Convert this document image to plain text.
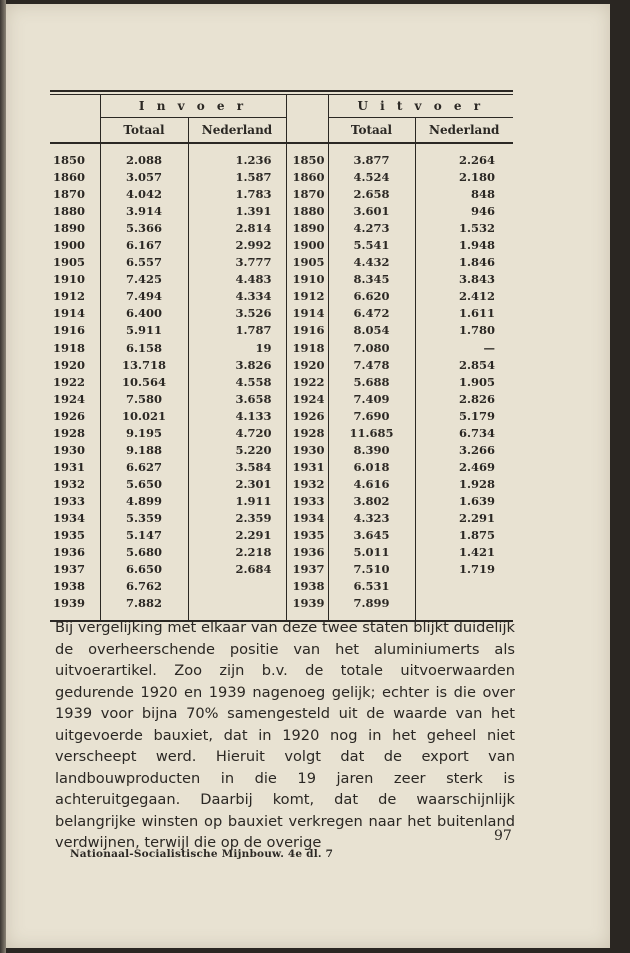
	I n v o e r			U i t v o e r	
	Totaal	Nederland		Totaal	Nederland
1850	2.088	1.236	1850	3.877	2.264
1860	3.057	1.587	1860	4.524	2.180
1870	4.042	1.783	1870	2.658	848
1880	3.914	1.391	1880	3.601	946
1890	5.366	2.814	1890	4.273	1.532
1900	6.167	2.992	1900	5.541	1.948
1905	6.557	3.777	1905	4.432	1.846
1910	7.425	4.483	1910	8.345	3.843
1912	7.494	4.334	1912	6.620	2.412
1914	6.400	3.526	1914	6.472	1.611
1916	5.911	1.787	1916	8.054	1.780
1918	6.158	19	1918	7.080	—
1920	13.718	3.826	1920	7.478	2.854
1922	10.564	4.558	1922	5.688	1.905
1924	7.580	3.658	1924	7.409	2.826
1926	10.021	4.133	1926	7.690	5.179
1928	9.195	4.720	1928	11.685	6.734
1930	9.188	5.220	1930	8.390	3.266
1931	6.627	3.584	1931	6.018	2.469
1932	5.650	2.301	1932	4.616	1.928
1933	4.899	1.911	1933	3.802	1.639
1934	5.359	2.359	1934	4.323	2.291
1935	5.147	2.291	1935	3.645	1.875
1936	5.680	2.218	1936	5.011	1.421
1937	6.650	2.684	1937	7.510	1.719
1938	6.762		1938	6.531	
1939	7.882		1939	7.899	
Bij vergelijking met elkaar van deze twee staten blijkt duidelijk de overheerschende positie van het aluminiumerts als uitvoerartikel. Zoo zijn b.v. de totale uitvoerwaarden gedurende 1920 en 1939 nagenoeg gelijk; echter is die over 1939 voor bijna 70% samengesteld uit de waarde van het uitgevoerde bauxiet, dat in 1920 nog in het geheel niet verscheept werd. Hieruit volgt dat de export van landbouwproducten in die 19 jaren zeer sterk is achteruitgegaan. Daarbij komt, dat de waarschijnlijk belangrijke winsten op bauxiet verkregen naar het buitenland verdwijnen, terwijl die op de overige	97
Nationaal-Socialistische Mijnbouw. 4e dl. 7
